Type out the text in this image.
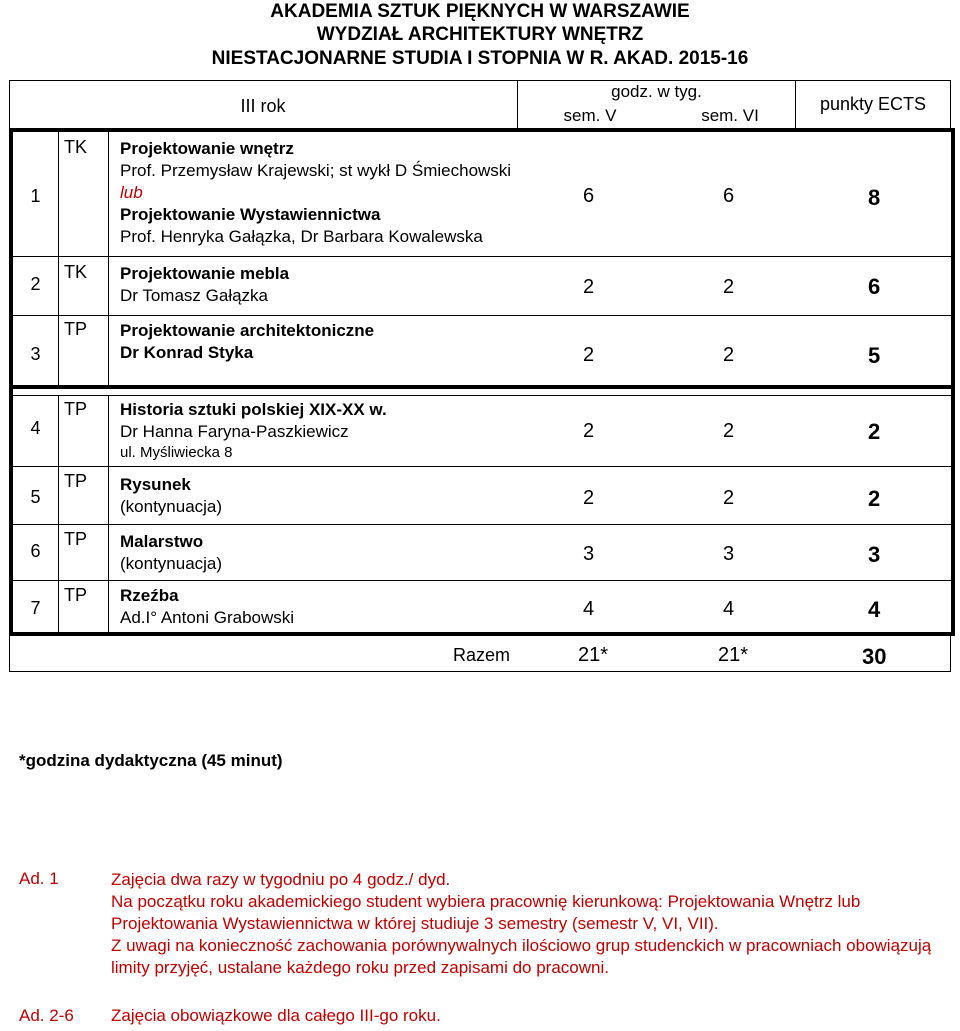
AKADEMIA SZTUK PIĘKNYCH W WARSZAWIE
WYDZIAŁ ARCHITEKTURY WNĘTRZ
NIESTACJONARNE STUDIA I STOPNIA W R. AKAD. 2015-16
III rok
godz. w tyg.
sem. V	sem. VI
punkty ECTS
1
TK Projektowanie wnętrz
Prof. Przemysław Krajewski; st wykł D Śmiechowski
lub
Projektowanie Wystawiennictwa
Prof. Henryka Gałązka, Dr Barbara Kowalewska
6	6	8
2
TK Projektowanie mebla
Dr Tomasz Gałązka	2	2	6
3
TP Projektowanie architektoniczne
Dr Konrad Styka	2	2	5
4
TP Historia sztuki polskiej XIX-XX w.
Dr Hanna Faryna-Paszkiewicz
ul. Myśliwiecka 8
2	2	2
5
TP Rysunek
(kontynuacja)	2	2	2
6
TP Malarstwo
(kontynuacja)	3	3	3
7
TP Rzeźba
Ad.I° Antoni Grabowski	4	4	4
Razem	21*	21*	30
*godzina dydaktyczna (45 minut)
Ad. 1	Zajęcia dwa razy w tygodniu po 4 godz./ dyd.
Na początku roku akademickiego student wybiera pracownię kierunkową: Projektowania Wnętrz lub
Projektowania Wystawiennictwa w której studiuje 3 semestry (semestr V, VI, VII).
Z uwagi na konieczność zachowania porównywalnych ilościowo grup studenckich w pracowniach obowiązują
limity przyjęć, ustalane każdego roku przed zapisami do pracowni.
Ad. 2-6 Zajęcia obowiązkowe dla całego III-go roku.
